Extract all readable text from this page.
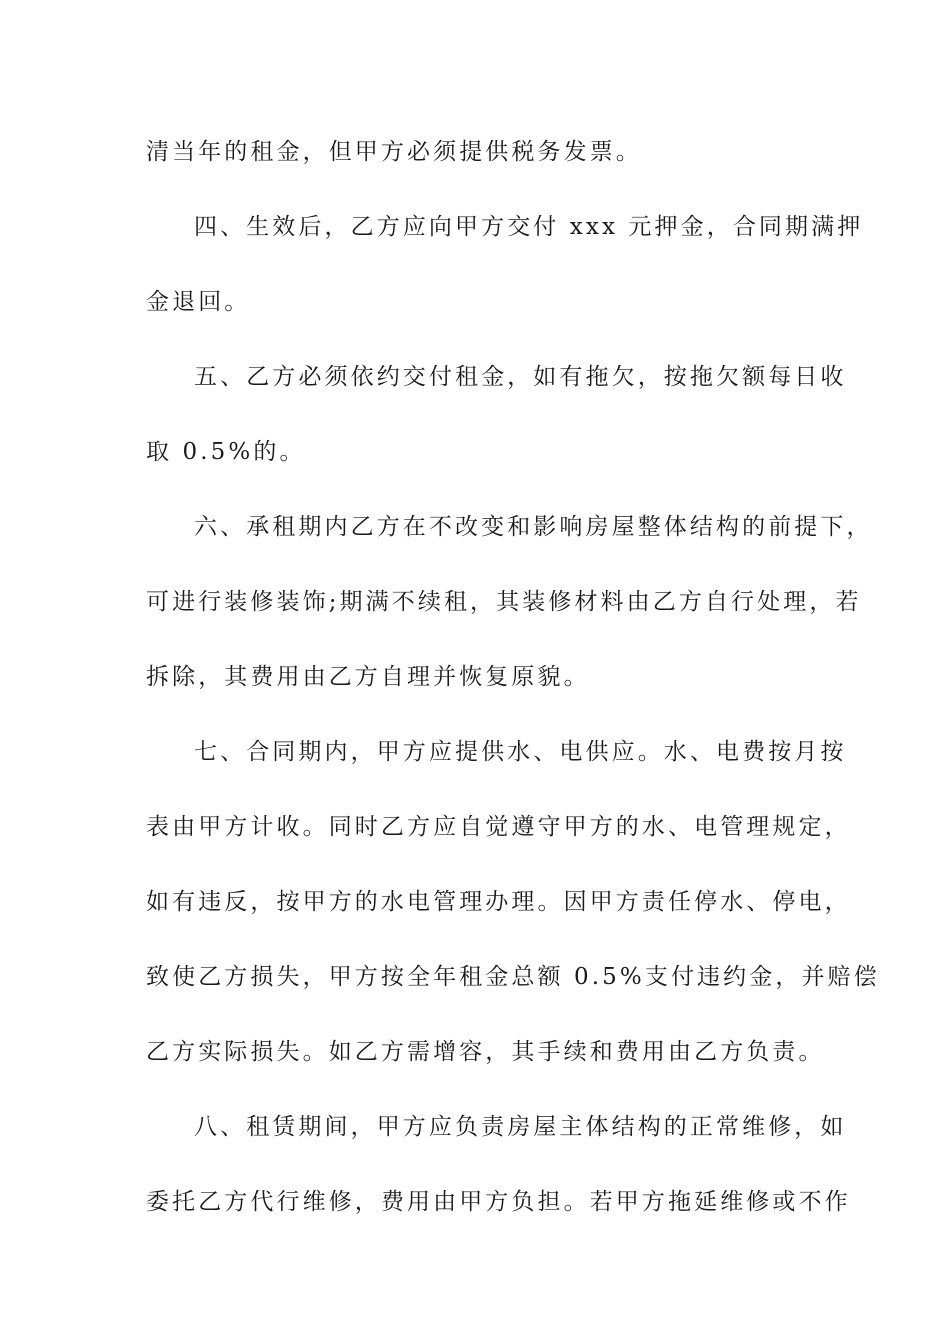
清当年的租金，但甲方必须提供税务发票。
四、生效后，乙方应向甲方交付 xxx 元押金，合同期满押
金退回。
五、乙方必须依约交付租金，如有拖欠，按拖欠额每日收
取 0.5%的。
六、承租期内乙方在不改变和影响房屋整体结构的前提下，
可进行装修装饰;期满不续租，其装修材料由乙方自行处理，若
拆除，其费用由乙方自理并恢复原貌。
七、合同期内，甲方应提供水、电供应。水、电费按月按
表由甲方计收。同时乙方应自觉遵守甲方的水、电管理规定，
如有违反，按甲方的水电管理办理。因甲方责任停水、停电，
致使乙方损失，甲方按全年租金总额 0.5%支付违约金，并赔偿
乙方实际损失。如乙方需增容，其手续和费用由乙方负责。
八、租赁期间，甲方应负责房屋主体结构的正常维修，如
委托乙方代行维修，费用由甲方负担。若甲方拖延维修或不作
